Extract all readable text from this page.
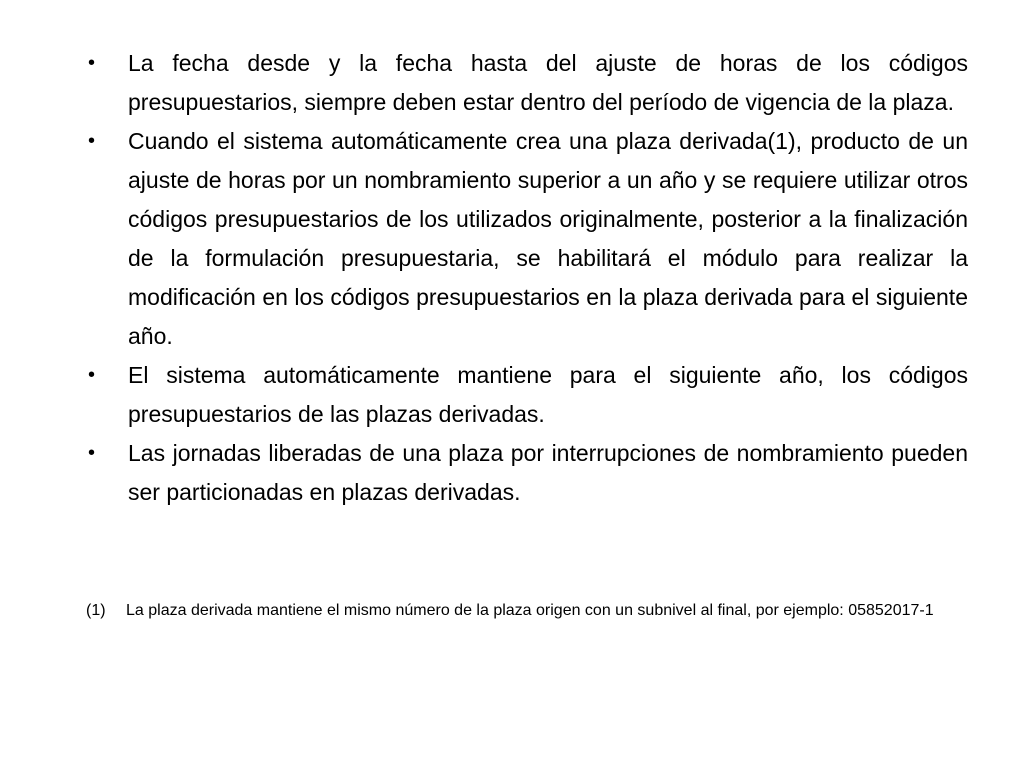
•	La fecha desde y la fecha hasta del ajuste de horas de los códigos presupuestarios, siempre deben estar dentro del período de vigencia de la plaza.
•	Cuando el sistema automáticamente crea una plaza derivada(1), producto de un ajuste de horas por un nombramiento superior a un año y se requiere utilizar otros códigos presupuestarios de los utilizados originalmente, posterior a la finalización de la formulación presupuestaria, se habilitará el módulo para realizar la modificación en los códigos presupuestarios en la plaza derivada para el siguiente año.
•	El sistema automáticamente mantiene para el siguiente año, los códigos presupuestarios de las plazas derivadas.
•	Las jornadas liberadas de una plaza por interrupciones de nombramiento pueden ser particionadas en plazas derivadas.
(1)	La plaza derivada mantiene el mismo número de la plaza origen con un subnivel al final, por ejemplo: 05852017-1
